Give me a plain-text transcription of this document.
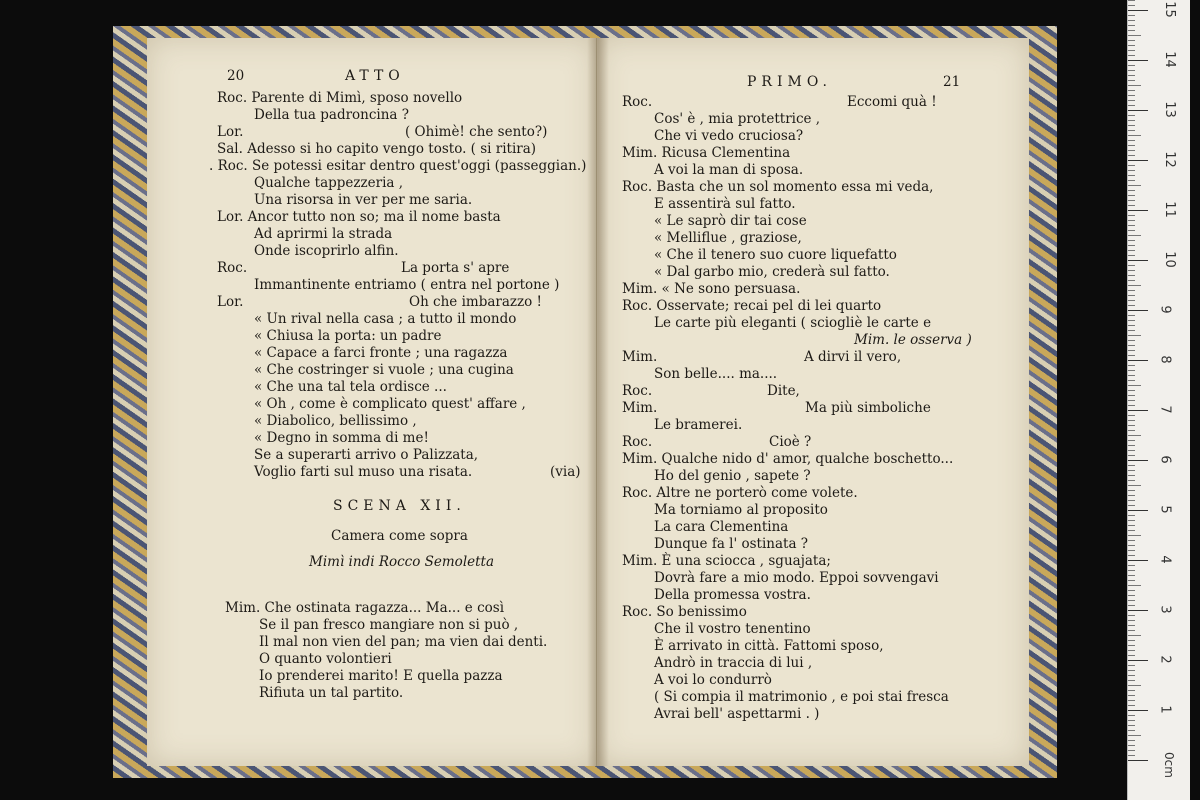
20	ATTO
Roc. Parente di Mimì, sposo novello
Della tua padroncina ?
Lor.	( Ohimè! che sento?)
Sal. Adesso si ho capito vengo tosto. ( si ritira)
. Roc. Se potessi esitar dentro quest'oggi (passeggian.)
Qualche tappezzeria ,
Una risorsa in ver per me saria.
Lor. Ancor tutto non so; ma il nome basta
Ad aprirmi la strada
Onde iscoprirlo alfin.
Roc.	La porta s' apre
Immantinente entriamo ( entra nel portone )
Lor.	Oh che imbarazzo !
« Un rival nella casa ; a tutto il mondo
« Chiusa la porta: un padre
« Capace a farci fronte ; una ragazza
« Che costringer si vuole ; una cugina
« Che una tal tela ordisce ...
« Oh , come è complicato quest' affare ,
« Diabolico, bellissimo ,
« Degno in somma di me!
Se a superarti arrivo o Palizzata,
Voglio farti sul muso una risata.	(via)
SCENA XII.
Camera come sopra
Mimì indi Rocco Semoletta
Mim. Che ostinata ragazza... Ma... e così
Se il pan fresco mangiare non si può ,
Il mal non vien del pan; ma vien dai denti.
O quanto volontieri
Io prenderei marito! E quella pazza
Rifiuta un tal partito.
PRIMO.	21
Roc.	Eccomi quà !
Cos' è , mia protettrice ,
Che vi vedo cruciosa?
Mim. Ricusa Clementina
A voi la man di sposa.
Roc. Basta che un sol momento essa mi veda,
E assentirà sul fatto.
« Le saprò dir tai cose
« Melliflue , graziose,
« Che il tenero suo cuore liquefatto
« Dal garbo mio, crederà sul fatto.
Mim. « Ne sono persuasa.
Roc. Osservate; recai pel di lei quarto
Le carte più eleganti ( sciogliè le carte e
Mim. le osserva )
Mim.	A dirvi il vero,
Son belle.... ma....
Roc.	Dite,
Mim.	Ma più simboliche
Le bramerei.
Roc.	Cioè ?
Mim. Qualche nido d' amor, qualche boschetto...
Ho del genio , sapete ?
Roc. Altre ne porterò come volete.
Ma torniamo al proposito
La cara Clementina
Dunque fa l' ostinata ?
Mim. È una sciocca , sguajata;
Dovrà fare a mio modo. Eppoi sovvengavi
Della promessa vostra.
Roc. So benissimo
Che il vostro tenentino
È arrivato in città. Fattomi sposo,
Andrò in traccia di lui ,
A voi lo condurrò
( Si compia il matrimonio , e poi stai fresca
Avrai bell' aspettarmi . )
0cm
1
2
3
4
5
6
7
8
9
10
11
12
13
14
15
